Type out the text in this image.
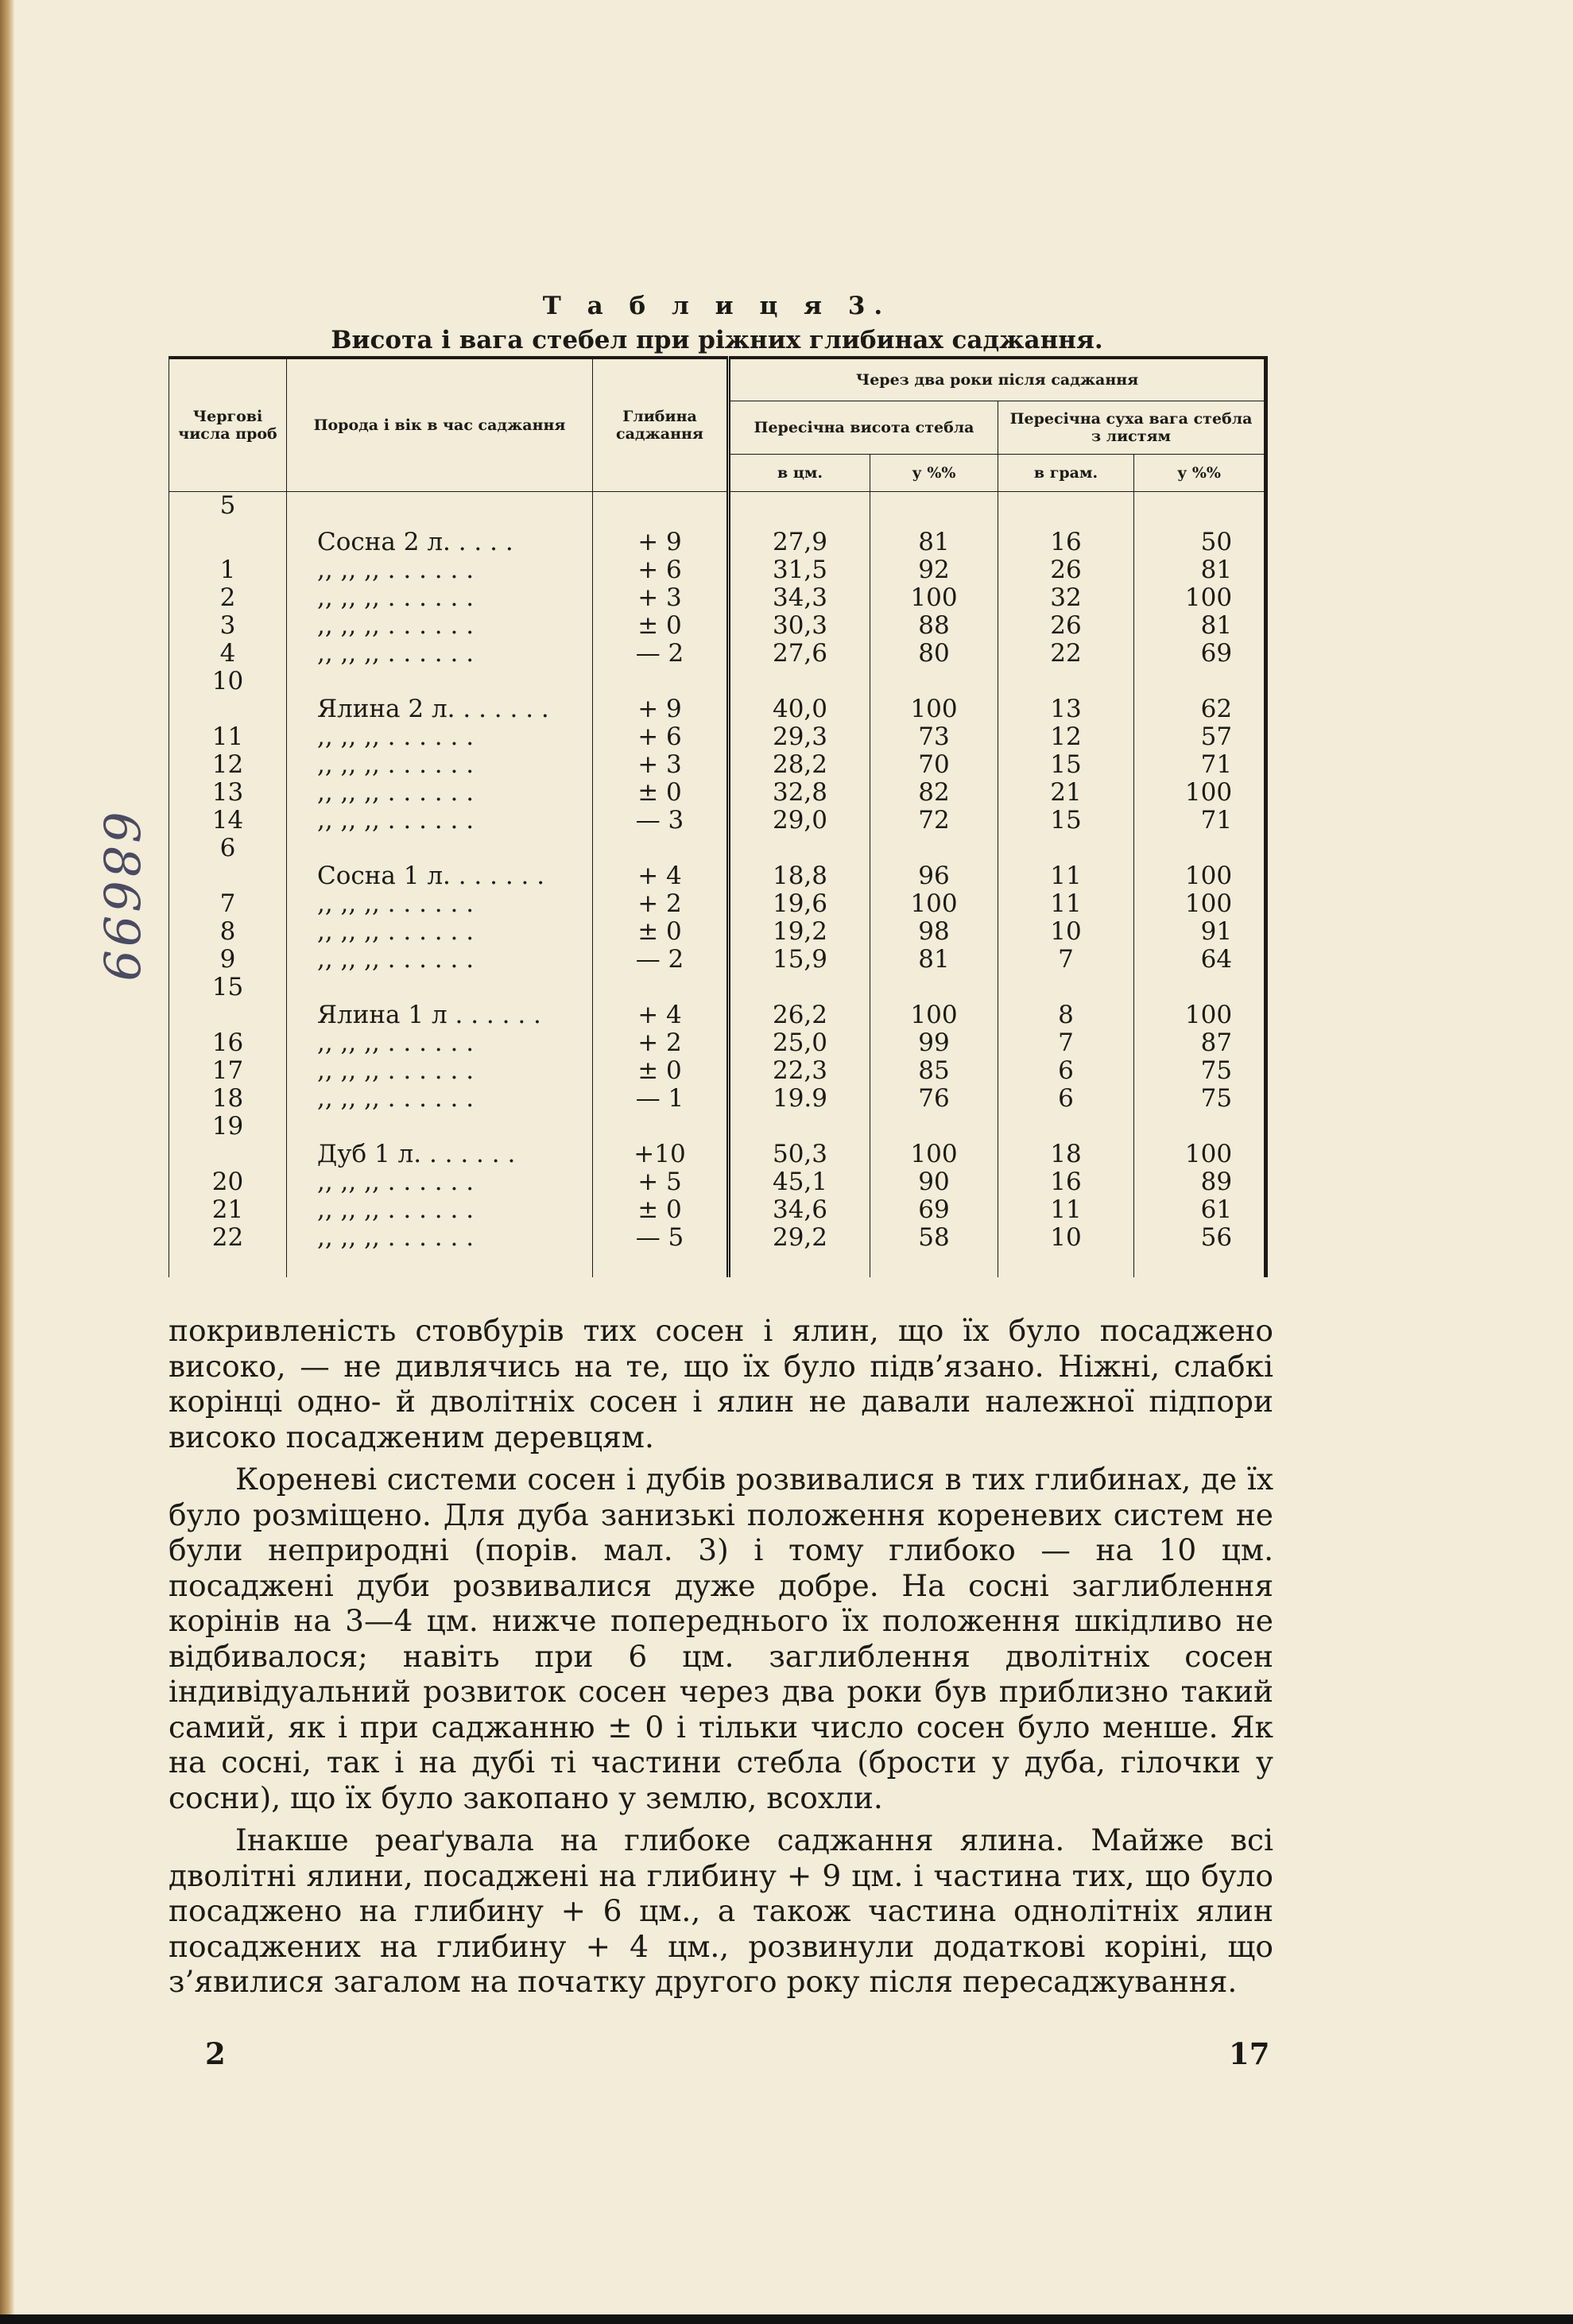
68699
Т а б л и ц я 3.
Висота і вага стебел при ріжних глибинах саджання.
Чергові числа проб	Порода і вік в час саджання	Глибина саджання	Через два роки після саджання			
			Пересічна висота стебла		Пересічна суха вага стебла з листям	
			в цм.	у %%	в грам.	у %%
5	Сосна 2 л. . . . .	+ 9	27,9	81	16	50
1	,, ,, ,, . . . . . .	+ 6	31,5	92	26	81
2	,, ,, ,, . . . . . .	+ 3	34,3	100	32	100
3	,, ,, ,, . . . . . .	± 0	30,3	88	26	81
4	,, ,, ,, . . . . . .	— 2	27,6	80	22	69
10	Ялина 2 л. . . . . . .	+ 9	40,0	100	13	62
11	,, ,, ,, . . . . . .	+ 6	29,3	73	12	57
12	,, ,, ,, . . . . . .	+ 3	28,2	70	15	71
13	,, ,, ,, . . . . . .	± 0	32,8	82	21	100
14	,, ,, ,, . . . . . .	— 3	29,0	72	15	71
6	Сосна 1 л. . . . . . .	+ 4	18,8	96	11	100
7	,, ,, ,, . . . . . .	+ 2	19,6	100	11	100
8	,, ,, ,, . . . . . .	± 0	19,2	98	10	91
9	,, ,, ,, . . . . . .	— 2	15,9	81	7	64
15	Ялина 1 л . . . . . .	+ 4	26,2	100	8	100
16	,, ,, ,, . . . . . .	+ 2	25,0	99	7	87
17	,, ,, ,, . . . . . .	± 0	22,3	85	6	75
18	,, ,, ,, . . . . . .	— 1	19.9	76	6	75
19	Дуб 1 л. . . . . . .	+10	50,3	100	18	100
20	,, ,, ,, . . . . . .	+ 5	45,1	90	16	89
21	,, ,, ,, . . . . . .	± 0	34,6	69	11	61
22	,, ,, ,, . . . . . .	— 5	29,2	58	10	56

покривленість стовбурів тих сосен і ялин, що їх було посаджено високо, — не дивлячись на те, що їх було підв’язано. Ніжні, слабкі корінці одно- й дволітніх сосен і ялин не давали належної підпори високо посадженим деревцям.

Кореневі системи сосен і дубів розвивалися в тих глибинах, де їх було розміщено. Для дуба занизькі положення кореневих систем не були неприродні (порів. мал. 3) і тому глибоко — на 10 цм. посаджені дуби розвивалися дуже добре. На сосні заглиблення корінів на 3—4 цм. нижче попереднього їх положення шкідливо не відбивалося; навіть при 6 цм. заглиблення дволітніх сосен індивідуальний розвиток сосен через два роки був приблизно такий самий, як і при саджанню ± 0 і тільки число сосен було менше. Як на сосні, так і на дубі ті частини стебла (брости у дуба, гілочки у сосни), що їх було закопано у землю, всохли.

Інакше реаґувала на глибоке саджання ялина. Майже всі дволітні ялини, посаджені на глибину + 9 цм. і частина тих, що було посаджено на глибину + 6 цм., а також частина однолітніх ялин посаджених на глибину + 4 цм., розвинули додаткові коріні, що з’явилися загалом на початку другого року після пересаджування.

2	17
